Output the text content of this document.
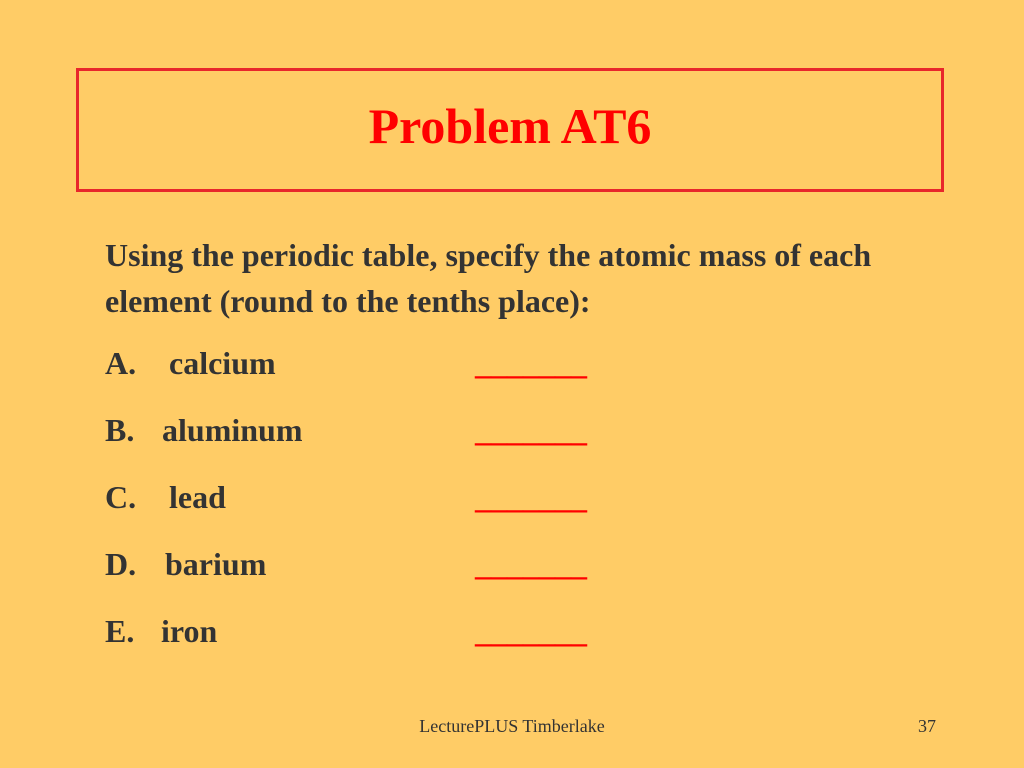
Problem AT6

Using the periodic table, specify the atomic mass of each element (round to the tenths place):

A. calcium	_______
B. aluminum	_______
C. lead	_______
D. barium	_______
E. iron	_______
LecturePLUS Timberlake	37
